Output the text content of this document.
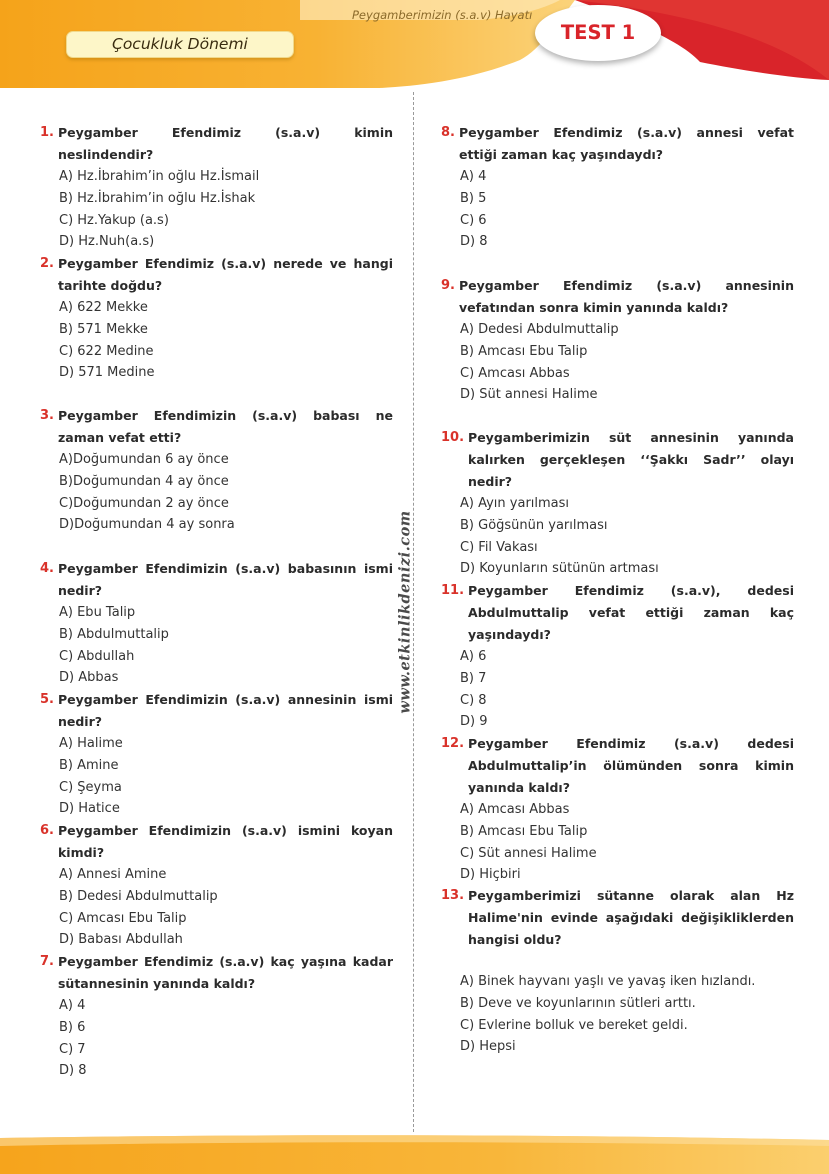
Peygamberimizin (s.a.v) Hayatı
Çocukluk Dönemi	TEST 1
www.etkinlikdenizi.com
1. Peygamber Efendimiz (s.a.v) kimin neslindendir?
A) Hz.İbrahim’in oğlu Hz.İsmail
B) Hz.İbrahim’in oğlu Hz.İshak
C) Hz.Yakup (a.s)
D) Hz.Nuh(a.s)
2. Peygamber Efendimiz (s.a.v) nerede ve hangi tarihte doğdu?
A) 622 Mekke
B) 571 Mekke
C) 622 Medine
D) 571 Medine
3. Peygamber Efendimizin (s.a.v) babası ne zaman vefat etti?
A)Doğumundan 6 ay önce
B)Doğumundan 4 ay önce
C)Doğumundan 2 ay önce
D)Doğumundan 4 ay sonra
4. Peygamber Efendimizin (s.a.v) babasının ismi nedir?
A) Ebu Talip
B) Abdulmuttalip
C) Abdullah
D) Abbas
5. Peygamber Efendimizin (s.a.v) annesinin ismi nedir?
A) Halime
B) Amine
C) Şeyma
D) Hatice
6. Peygamber Efendimizin (s.a.v) ismini koyan kimdi?
A) Annesi Amine
B) Dedesi Abdulmuttalip
C) Amcası Ebu Talip
D) Babası Abdullah
7. Peygamber Efendimiz (s.a.v) kaç yaşına kadar sütannesinin yanında kaldı?
A) 4
B) 6
C) 7
D) 8
8. Peygamber Efendimiz (s.a.v) annesi vefat ettiği zaman kaç yaşındaydı?
A) 4
B) 5
C) 6
D) 8
9. Peygamber Efendimiz (s.a.v) annesinin vefatından sonra kimin yanında kaldı?
A) Dedesi Abdulmuttalip
B) Amcası Ebu Talip
C) Amcası Abbas
D) Süt annesi Halime
10. Peygamberimizin süt annesinin yanında kalırken gerçekleşen ‘‘Şakkı Sadr’’ olayı nedir?
A) Ayın yarılması
B) Göğsünün yarılması
C) Fil Vakası
D) Koyunların sütünün artması
11. Peygamber Efendimiz (s.a.v), dedesi Abdulmuttalip vefat ettiği zaman kaç yaşındaydı?
A) 6
B) 7
C) 8
D) 9
12. Peygamber Efendimiz (s.a.v) dedesi Abdulmuttalip’in ölümünden sonra kimin yanında kaldı?
A) Amcası Abbas
B) Amcası Ebu Talip
C) Süt annesi Halime
D) Hiçbiri
13. Peygamberimizi sütanne olarak alan Hz Halime'nin evinde aşağıdaki değişikliklerden hangisi oldu?
A) Binek hayvanı yaşlı ve yavaş iken hızlandı.
B) Deve ve koyunlarının sütleri arttı.
C) Evlerine bolluk ve bereket geldi.
D) Hepsi
